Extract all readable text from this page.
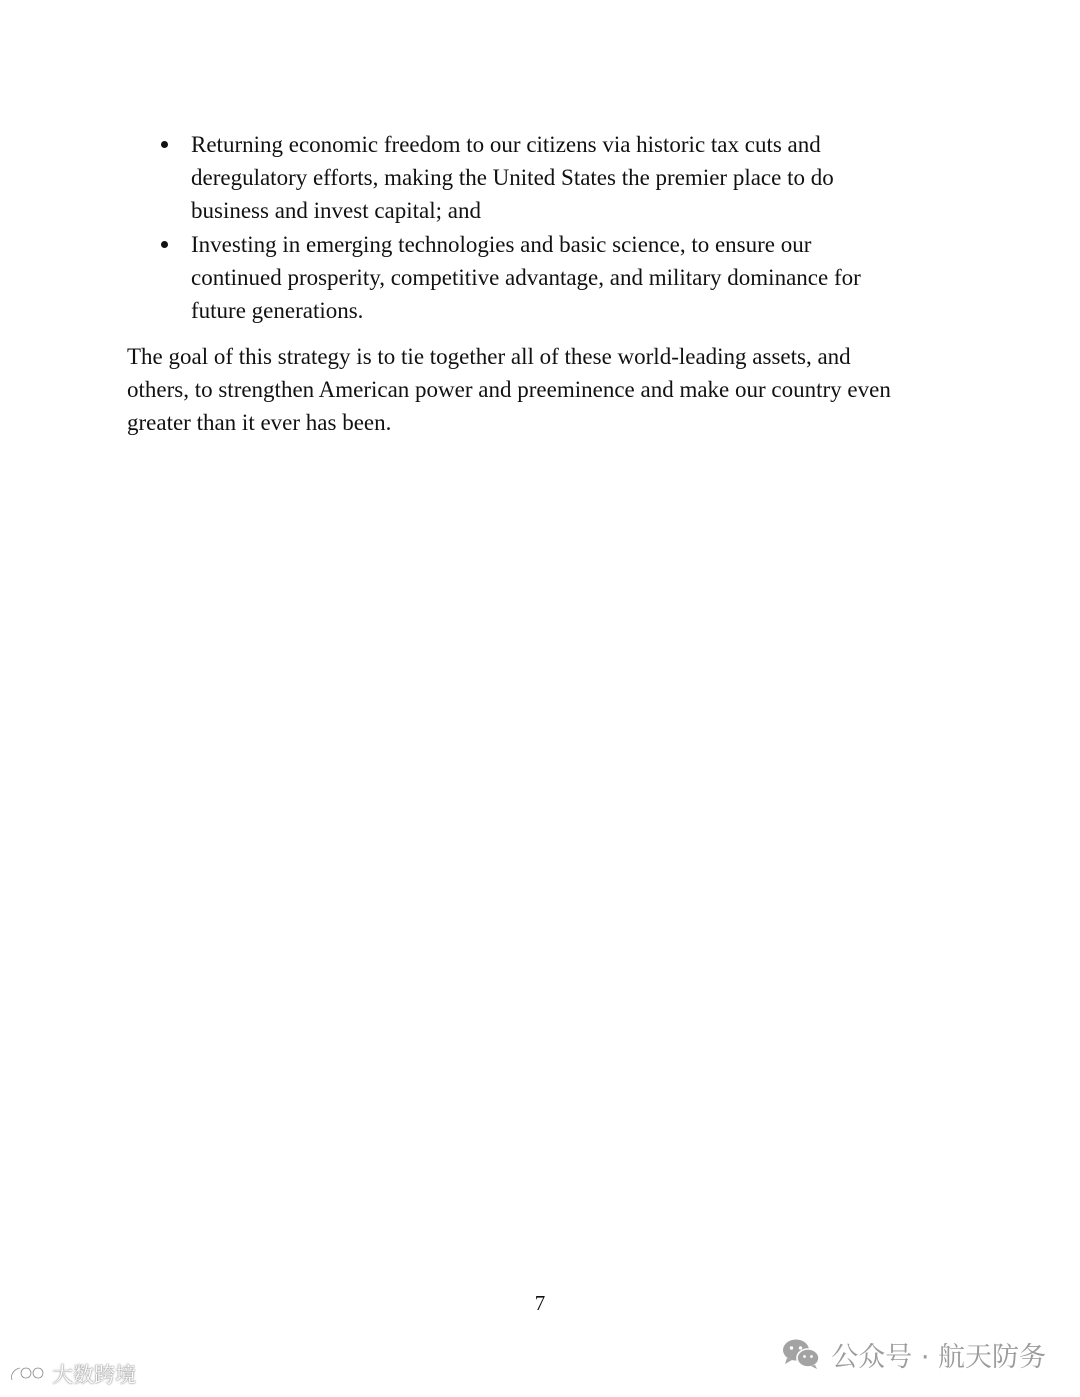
Returning economic freedom to our citizens via historic tax cuts and
deregulatory efforts, making the United States the premier place to do
business and invest capital; and
Investing in emerging technologies and basic science, to ensure our
continued prosperity, competitive advantage, and military dominance for
future generations.

The goal of this strategy is to tie together all of these world-leading assets, and
others, to strengthen American power and preeminence and make our country even
greater than it ever has been.

7
大数跨境
公众号 · 航天防务
